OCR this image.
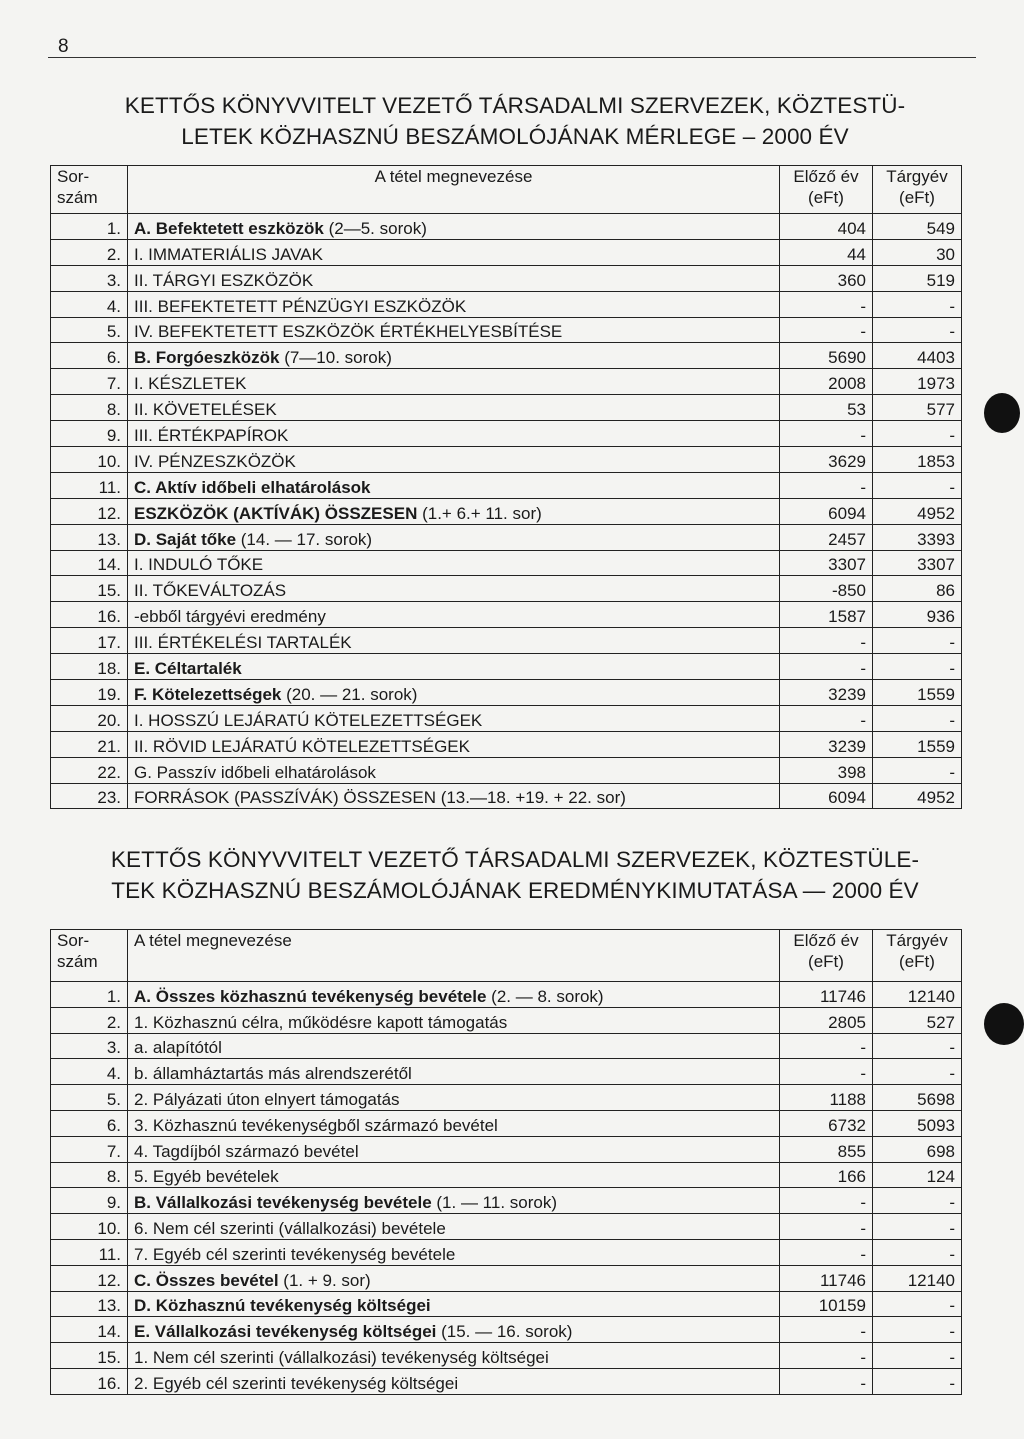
8
KETTŐS KÖNYVVITELT VEZETŐ TÁRSADALMI SZERVEZEK, KÖZTESTÜ-
LETEK KÖZHASZNÚ BESZÁMOLÓJÁNAK MÉRLEGE – 2000 ÉV
Sor-
szám	A tétel megnevezése	Előző év
(eFt)	Tárgyév
(eFt)
1.	A. Befektetett eszközök (2—5. sorok)	404	549
2.	I. IMMATERIÁLIS JAVAK	44	30
3.	II. TÁRGYI ESZKÖZÖK	360	519
4.	III. BEFEKTETETT PÉNZÜGYI ESZKÖZÖK	-	-
5.	IV. BEFEKTETETT ESZKÖZÖK ÉRTÉKHELYESBÍTÉSE	-	-
6.	B. Forgóeszközök (7—10. sorok)	5690	4403
7.	I. KÉSZLETEK	2008	1973
8.	II. KÖVETELÉSEK	53	577
9.	III. ÉRTÉKPAPÍROK	-	-
10.	IV. PÉNZESZKÖZÖK	3629	1853
11.	C. Aktív időbeli elhatárolások	-	-
12.	ESZKÖZÖK (AKTÍVÁK) ÖSSZESEN (1.+ 6.+ 11. sor)	6094	4952
13.	D. Saját tőke (14. — 17. sorok)	2457	3393
14.	I. INDULÓ TŐKE	3307	3307
15.	II. TŐKEVÁLTOZÁS	-850	86
16.	-ebből tárgyévi eredmény	1587	936
17.	III. ÉRTÉKELÉSI TARTALÉK	-	-
18.	E. Céltartalék	-	-
19.	F. Kötelezettségek (20. — 21. sorok)	3239	1559
20.	I. HOSSZÚ LEJÁRATÚ KÖTELEZETTSÉGEK	-	-
21.	II. RÖVID LEJÁRATÚ KÖTELEZETTSÉGEK	3239	1559
22.	G. Passzív időbeli elhatárolások	398	-
23.	FORRÁSOK (PASSZÍVÁK) ÖSSZESEN (13.—18. +19. + 22. sor)	6094	4952
KETTŐS KÖNYVVITELT VEZETŐ TÁRSADALMI SZERVEZEK, KÖZTESTÜLE-
TEK KÖZHASZNÚ BESZÁMOLÓJÁNAK EREDMÉNYKIMUTATÁSA — 2000 ÉV
Sor-
szám	A tétel megnevezése	Előző év
(eFt)	Tárgyév
(eFt)
1.	A. Összes közhasznú tevékenység bevétele (2. — 8. sorok)	11746	12140
2.	1. Közhasznú célra, működésre kapott támogatás	2805	527
3.	a. alapítótól	-	-
4.	b. államháztartás más alrendszerétől	-	-
5.	2. Pályázati úton elnyert támogatás	1188	5698
6.	3. Közhasznú tevékenységből származó bevétel	6732	5093
7.	4. Tagdíjból származó bevétel	855	698
8.	5. Egyéb bevételek	166	124
9.	B. Vállalkozási tevékenység bevétele (1. — 11. sorok)	-	-
10.	6. Nem cél szerinti (vállalkozási) bevétele	-	-
11.	7. Egyéb cél szerinti tevékenység bevétele	-	-
12.	C. Összes bevétel (1. + 9. sor)	11746	12140
13.	D. Közhasznú tevékenység költségei	10159	-
14.	E. Vállalkozási tevékenység költségei (15. — 16. sorok)	-	-
15.	1. Nem cél szerinti (vállalkozási) tevékenység költségei	-	-
16.	2. Egyéb cél szerinti tevékenység költségei	-	-
